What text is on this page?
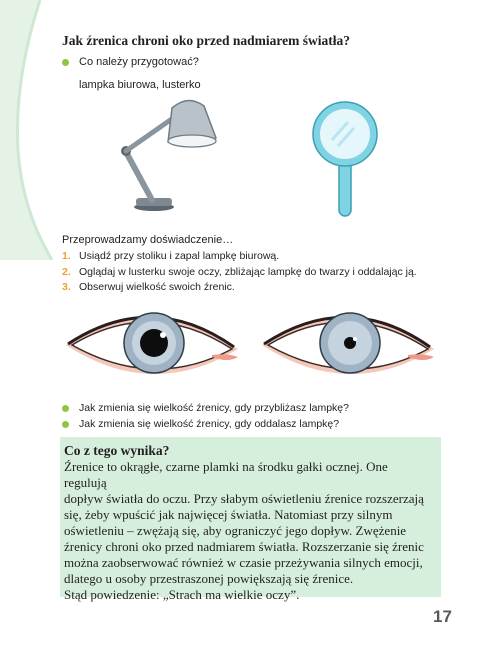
Jak źrenica chroni oko przed nadmiarem światła?
Co należy przygotować?
lampka biurowa, lusterko
Przeprowadzamy doświadczenie…
1. Usiądź przy stoliku i zapal lampkę biurową.
2. Oglądaj w lusterku swoje oczy, zbliżając lampkę do twarzy i oddalając ją.
3. Obserwuj wielkość swoich źrenic.
Jak zmienia się wielkość źrenicy, gdy przybliżasz lampkę?
Jak zmienia się wielkość źrenicy, gdy oddalasz lampkę?
Co z tego wynika?
Źrenice to okrągłe, czarne plamki na środku gałki ocznej. One regulują
dopływ światła do oczu. Przy słabym oświetleniu źrenice rozszerzają
się, żeby wpuścić jak najwięcej światła. Natomiast przy silnym
oświetleniu – zwężają się, aby ograniczyć jego dopływ. Zwężenie
źrenicy chroni oko przed nadmiarem światła. Rozszerzanie się źrenic
można zaobserwować również w czasie przeżywania silnych emocji,
dlatego u osoby przestraszonej powiększają się źrenice.
Stąd powiedzenie: „Strach ma wielkie oczy”.
17
